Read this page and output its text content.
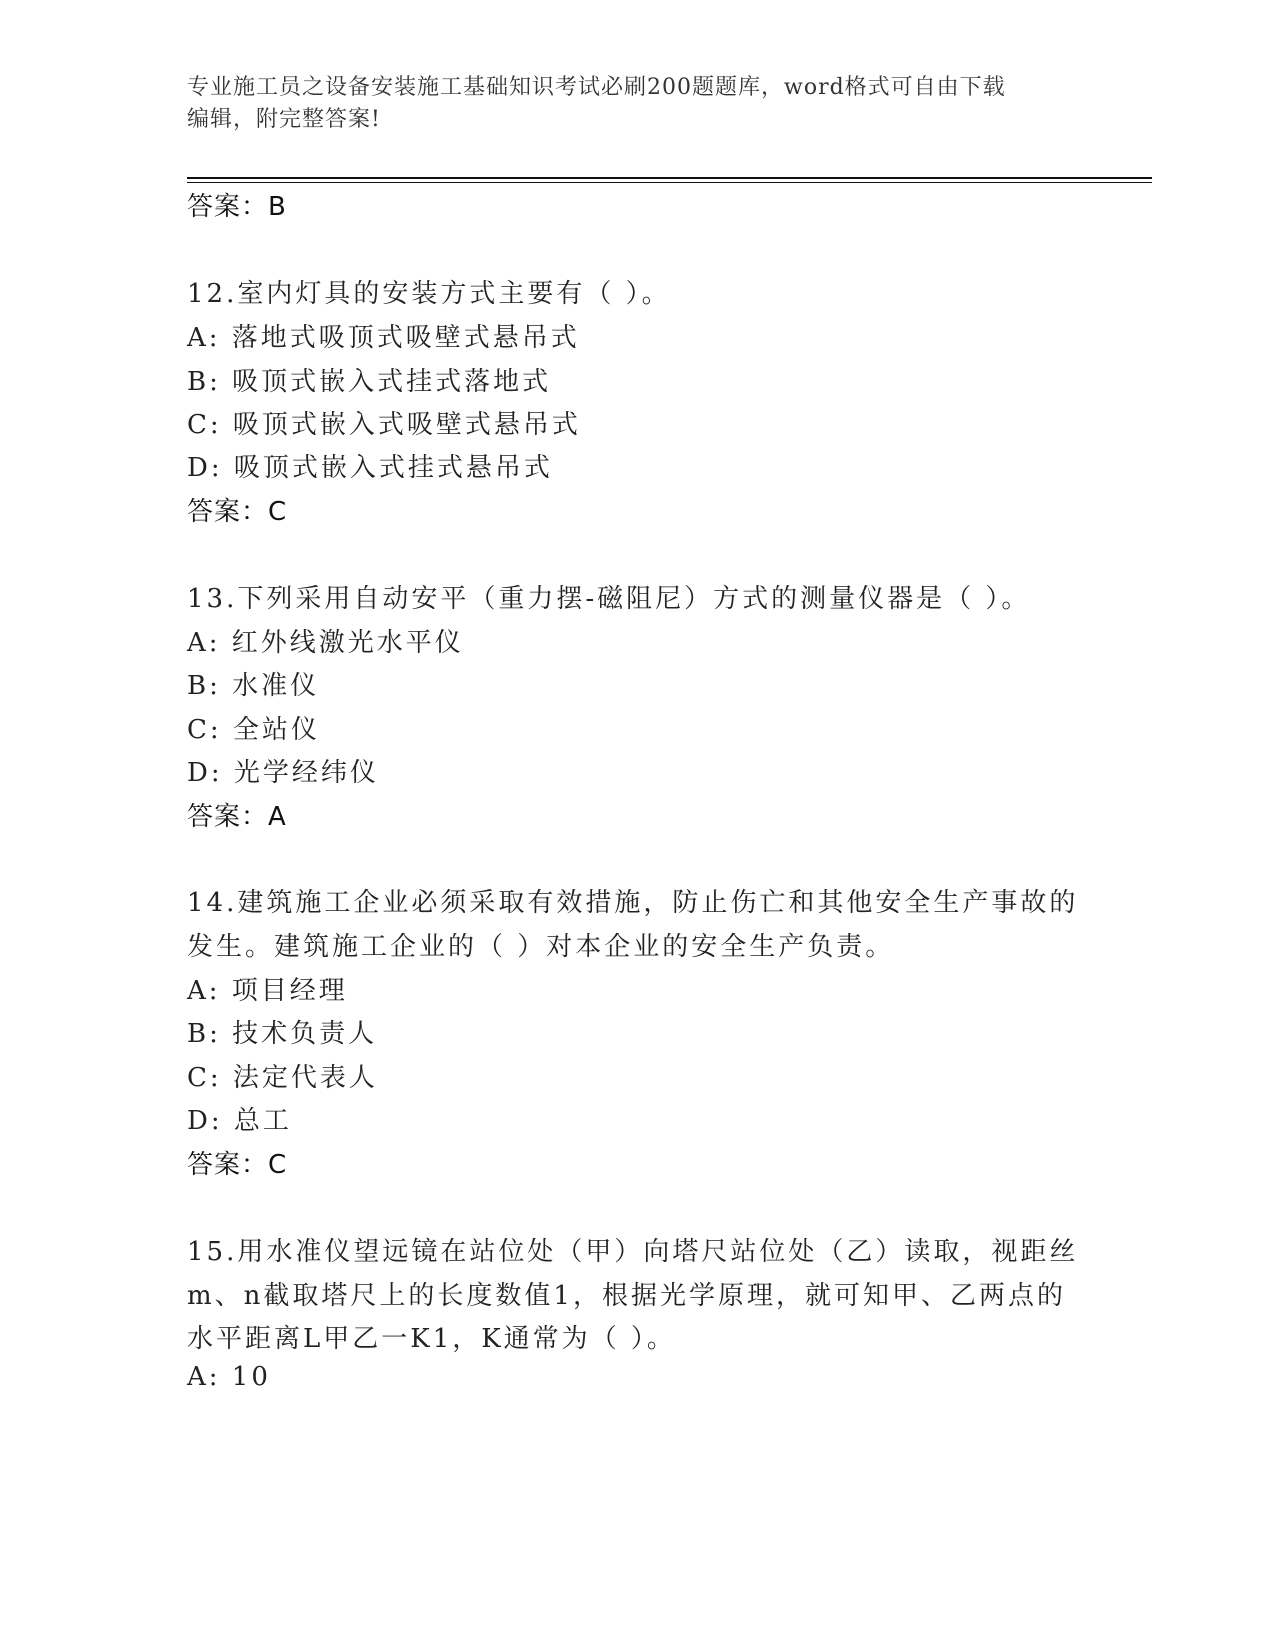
专业施工员之设备安装施工基础知识考试必刷200题题库，word格式可自由下载
编辑，附完整答案!
答案：B
12.室内灯具的安装方式主要有（ ）。
A: 落地式吸顶式吸壁式悬吊式
B: 吸顶式嵌入式挂式落地式
C: 吸顶式嵌入式吸壁式悬吊式
D: 吸顶式嵌入式挂式悬吊式
答案：C
13.下列采用自动安平（重力摆-磁阻尼）方式的测量仪器是（ ）。
A: 红外线激光水平仪
B: 水准仪
C: 全站仪
D: 光学经纬仪
答案：A
14.建筑施工企业必须采取有效措施，防止伤亡和其他安全生产事故的
发生。建筑施工企业的（ ）对本企业的安全生产负责。
A: 项目经理
B: 技术负责人
C: 法定代表人
D: 总工
答案：C
15.用水准仪望远镜在站位处（甲）向塔尺站位处（乙）读取，视距丝
m、n截取塔尺上的长度数值1，根据光学原理，就可知甲、乙两点的
水平距离L甲乙一K1，K通常为（ ）。
A: 10
